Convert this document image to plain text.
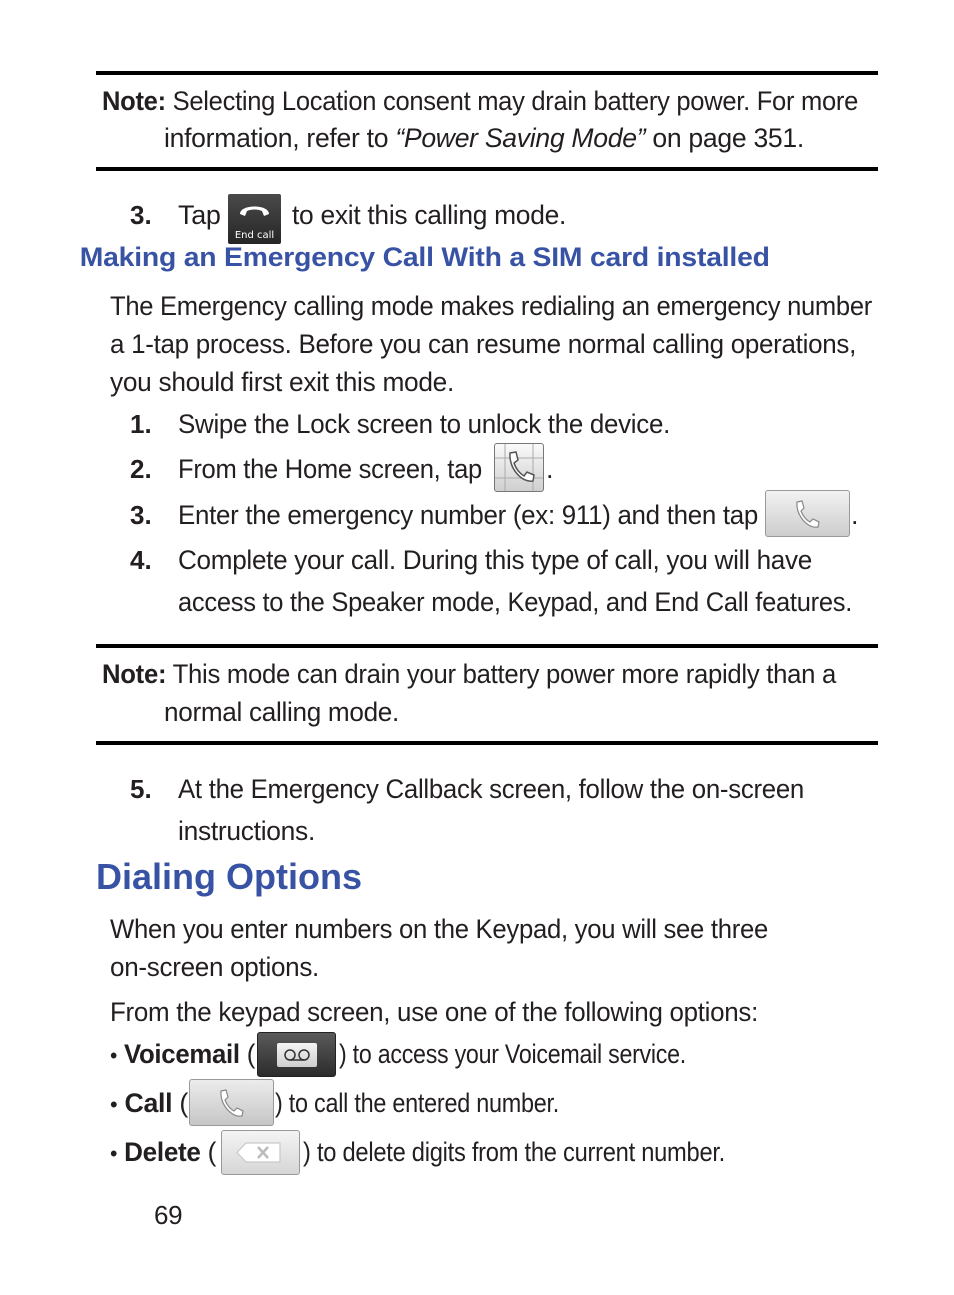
Note: Selecting Location consent may drain battery power. For more
information, refer to “Power Saving Mode” on page 351.
3. Tap
End call
to exit this calling mode.
Making an Emergency Call With a SIM card installed
The Emergency calling mode makes redialing an emergency number
a 1-tap process. Before you can resume normal calling operations,
you should first exit this mode.
1. Swipe the Lock screen to unlock the device.
2. From the Home screen, tap .
3. Enter the emergency number (ex: 911) and then tap	.
4. Complete your call. During this type of call, you will have
access to the Speaker mode, Keypad, and End Call features.
Note: This mode can drain your battery power more rapidly than a
normal calling mode.
5. At the Emergency Callback screen, follow the on-screen
instructions.
Dialing Options
When you enter numbers on the Keypad, you will see three
on-screen options.
From the keypad screen, use one of the following options:
• Voicemail (	) to access your Voicemail service.
• Call (	) to call the entered number.
• Delete (	) to delete digits from the current number.
69
